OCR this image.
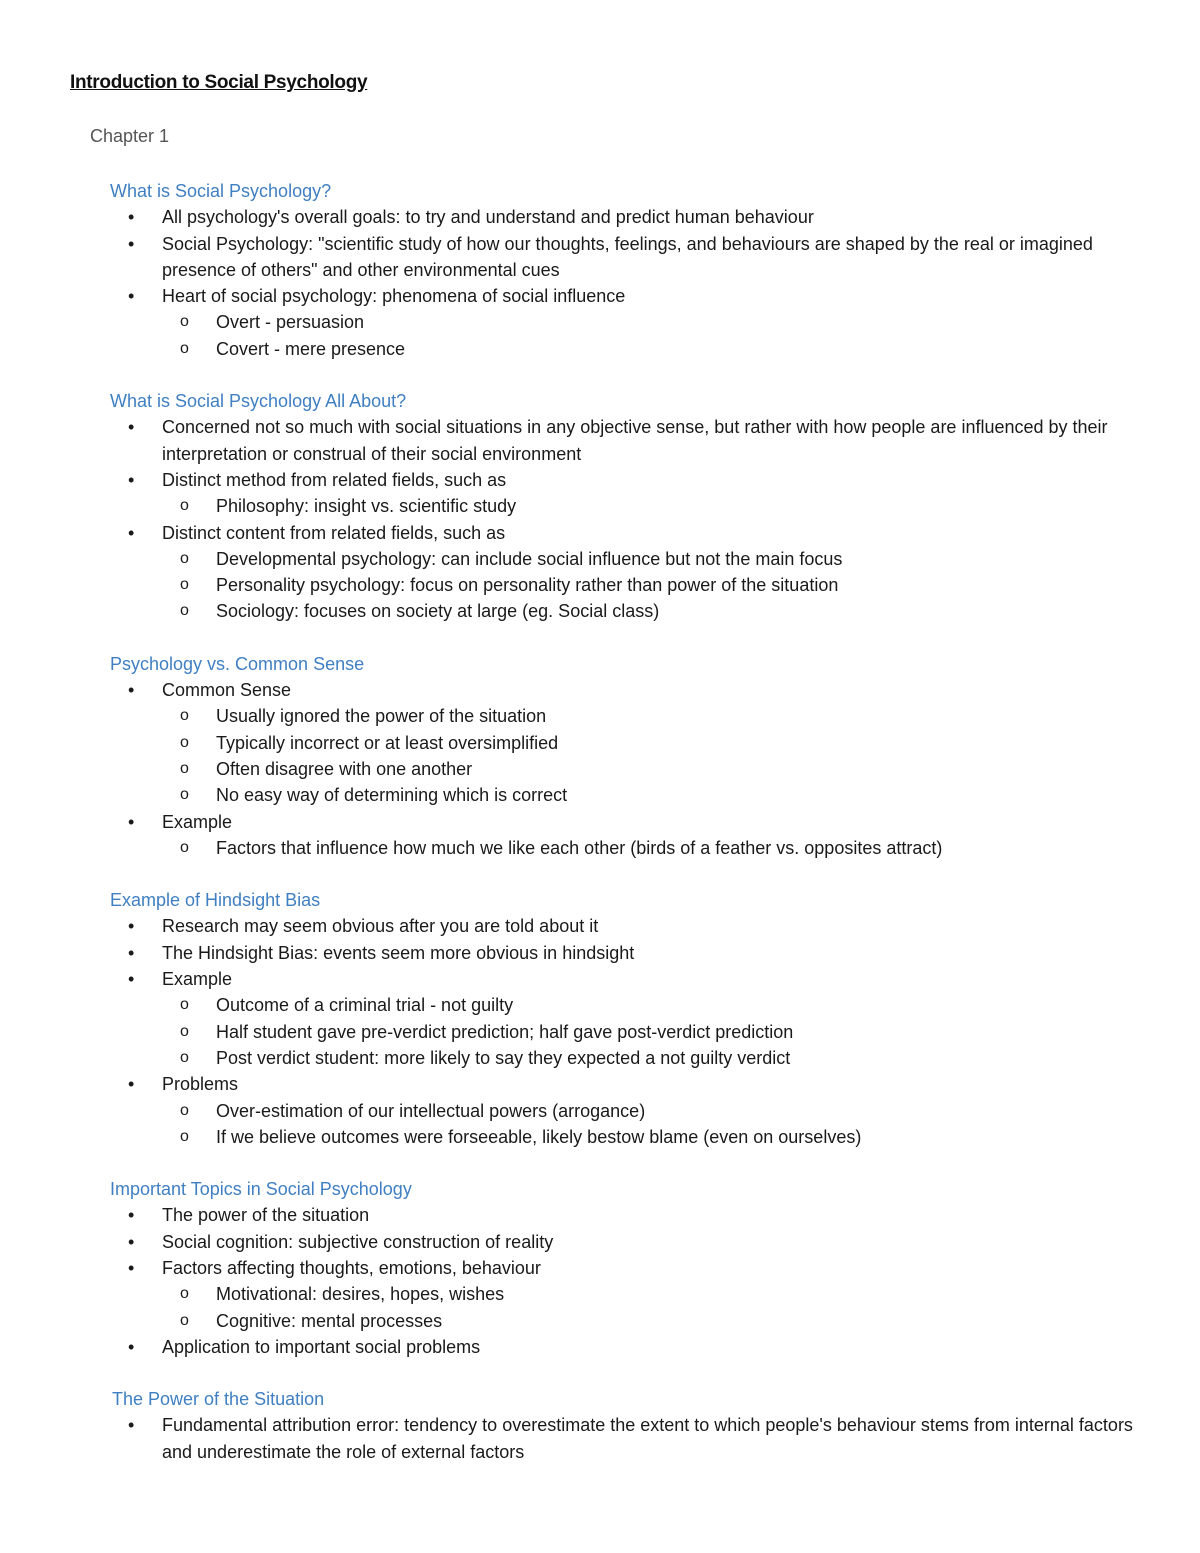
Introduction to Social Psychology

Chapter 1

What is Social Psychology?
•	All psychology's overall goals: to try and understand and predict human behaviour
•	Social Psychology: "scientific study of how our thoughts, feelings, and behaviours are shaped by the real or imagined presence of others" and other environmental cues
•	Heart of social psychology: phenomena of social influence
o Overt - persuasion
o Covert - mere presence
What is Social Psychology All About?
•	Concerned not so much with social situations in any objective sense, but rather with how people are influenced by their interpretation or construal of their social environment
•	Distinct method from related fields, such as
o Philosophy: insight vs. scientific study
•	Distinct content from related fields, such as
o Developmental psychology: can include social influence but not the main focus
o Personality psychology: focus on personality rather than power of the situation
o Sociology: focuses on society at large (eg. Social class)
Psychology vs. Common Sense
•	Common Sense
o Usually ignored the power of the situation
o Typically incorrect or at least oversimplified
o Often disagree with one another
o No easy way of determining which is correct
•	Example
o Factors that influence how much we like each other (birds of a feather vs. opposites attract)
Example of Hindsight Bias
•	Research may seem obvious after you are told about it
•	The Hindsight Bias: events seem more obvious in hindsight
•	Example
o Outcome of a criminal trial - not guilty
o Half student gave pre-verdict prediction; half gave post-verdict prediction
o Post verdict student: more likely to say they expected a not guilty verdict
•	Problems
o Over-estimation of our intellectual powers (arrogance)
o If we believe outcomes were forseeable, likely bestow blame (even on ourselves)
Important Topics in Social Psychology
•	The power of the situation
•	Social cognition: subjective construction of reality
•	Factors affecting thoughts, emotions, behaviour
o Motivational: desires, hopes, wishes
o Cognitive: mental processes
•	Application to important social problems
The Power of the Situation
•	Fundamental attribution error: tendency to overestimate the extent to which people's behaviour stems from internal factors and underestimate the role of external factors
